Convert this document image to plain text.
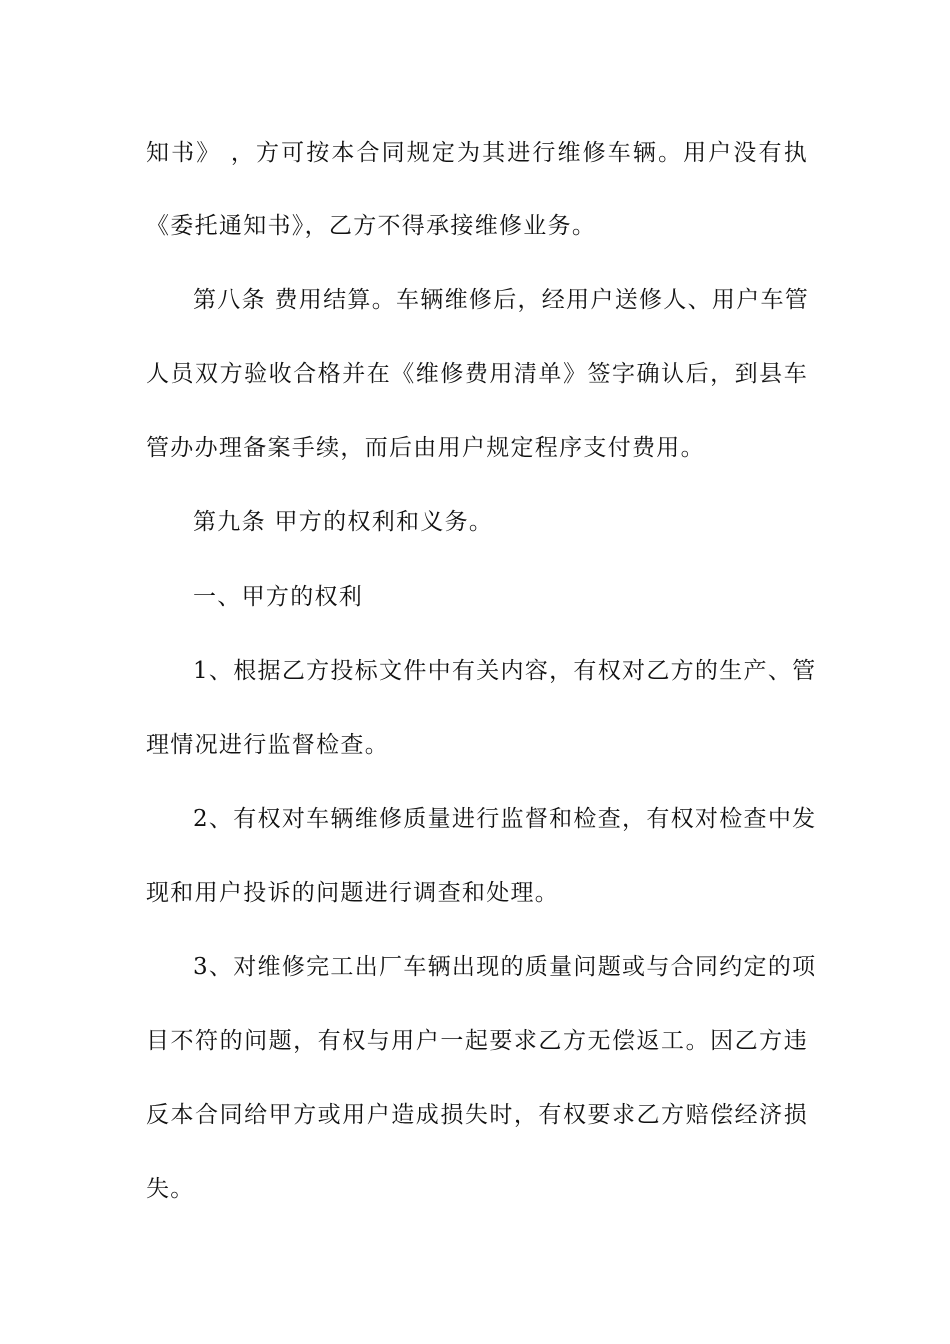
知书》 ，方可按本合同规定为其进行维修车辆。用户没有执
《委托通知书》，乙方不得承接维修业务。
第八条 费用结算。车辆维修后，经用户送修人、用户车管
人员双方验收合格并在《维修费用清单》签字确认后，到县车
管办办理备案手续，而后由用户规定程序支付费用。
第九条 甲方的权利和义务。
一、甲方的权利
1、根据乙方投标文件中有关内容，有权对乙方的生产、管
理情况进行监督检查。
2、有权对车辆维修质量进行监督和检查，有权对检查中发
现和用户投诉的问题进行调查和处理。
3、对维修完工出厂车辆出现的质量问题或与合同约定的项
目不符的问题，有权与用户一起要求乙方无偿返工。因乙方违
反本合同给甲方或用户造成损失时，有权要求乙方赔偿经济损
失。
